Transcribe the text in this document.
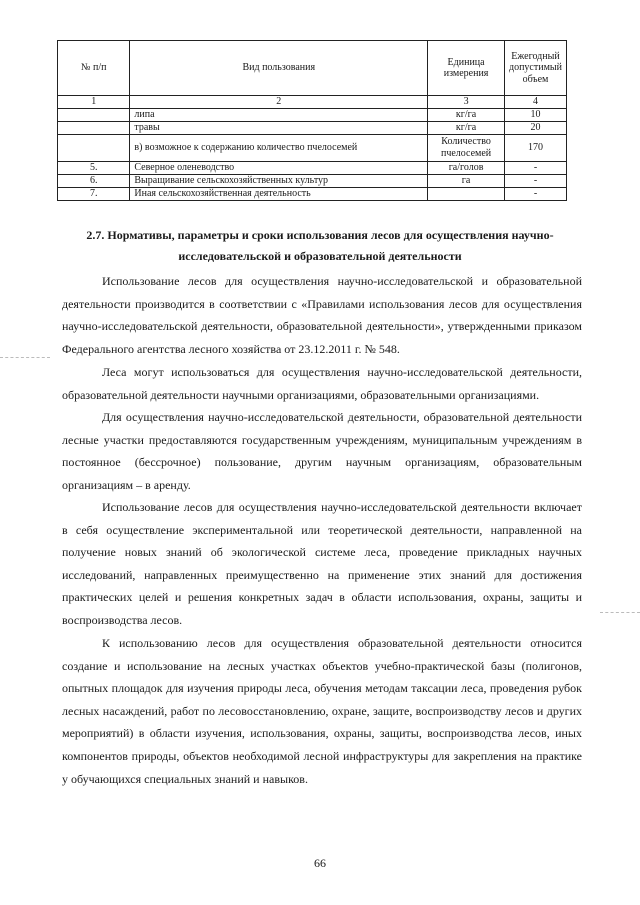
№ п/п	Вид пользования	Единица измерения	Ежегодный допустимый объем
1	2	3	4
	липа	кг/га	10
	травы	кг/га	20
	в) возможное к содержанию количество пчелосемей	Количество пчелосемей	170
5.	Северное оленеводство	га/голов	-
6.	Выращивание сельскохозяйственных культур	га	-
7.	Иная сельскохозяйственная деятельность		-
2.7. Нормативы, параметры и сроки использования лесов для осуществления научно-исследовательской и образовательной деятельности

Использование лесов для осуществления научно-исследовательской и образовательной деятельности производится в соответствии с «Правилами использования лесов для осуществления научно-исследовательской деятельности, образовательной деятельности», утвержденными приказом Федерального агентства лесного хозяйства от 23.12.2011 г. № 548.

Леса могут использоваться для осуществления научно-исследовательской деятельности, образовательной деятельности научными организациями, образовательными организациями.

Для осуществления научно-исследовательской деятельности, образовательной деятельности лесные участки предоставляются государственным учреждениям, муниципальным учреждениям в постоянное (бессрочное) пользование, другим научным организациям, образовательным организациям – в аренду.

Использование лесов для осуществления научно-исследовательской деятельности включает в себя осуществление экспериментальной или теоретической деятельности, направленной на получение новых знаний об экологической системе леса, проведение прикладных научных исследований, направленных преимущественно на применение этих знаний для достижения практических целей и решения конкретных задач в области использования, охраны, защиты и воспроизводства лесов.

К использованию лесов для осуществления образовательной деятельности относится создание и использование на лесных участках объектов учебно-практической базы (полигонов, опытных площадок для изучения природы леса, обучения методам таксации леса, проведения рубок лесных насаждений, работ по лесовосстановлению, охране, защите, воспроизводству лесов и других мероприятий) в области изучения, использования, охраны, защиты, воспроизводства лесов, иных компонентов природы, объектов необходимой лесной инфраструктуры для закрепления на практике у обучающихся специальных знаний и навыков.

66
